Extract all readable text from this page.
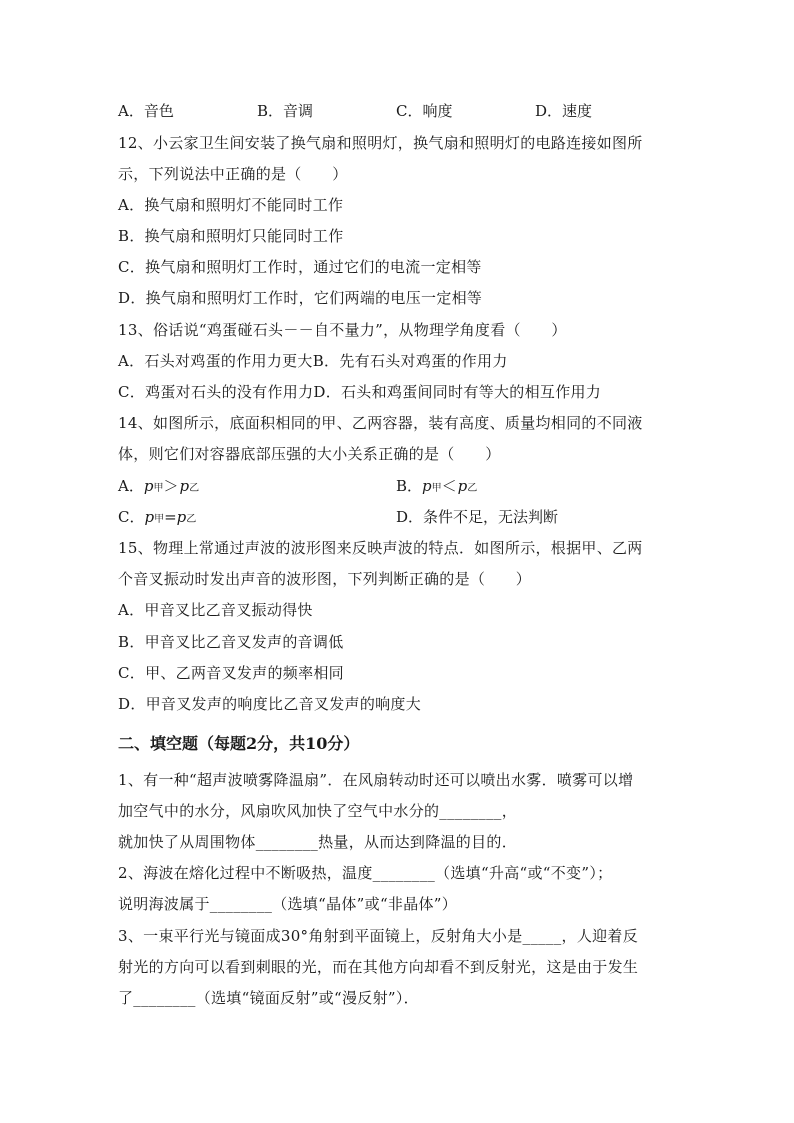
A．音色	B．音调	C．响度	D．速度
12、小云家卫生间安装了换气扇和照明灯，换气扇和照明灯的电路连接如图所
示，下列说法中正确的是（　　）
A．换气扇和照明灯不能同时工作
B．换气扇和照明灯只能同时工作
C．换气扇和照明灯工作时，通过它们的电流一定相等
D．换气扇和照明灯工作时，它们两端的电压一定相等
13、俗话说“鸡蛋碰石头－－自不量力”，从物理学角度看（　　）
A．石头对鸡蛋的作用力更大B．先有石头对鸡蛋的作用力
C．鸡蛋对石头的没有作用力D．石头和鸡蛋间同时有等大的相互作用力
14、如图所示，底面积相同的甲、乙两容器，装有高度、质量均相同的不同液
体，则它们对容器底部压强的大小关系正确的是（　　）
A．p甲＞p乙	B．p甲＜p乙
C．p甲=p乙	D．条件不足，无法判断
15、物理上常通过声波的波形图来反映声波的特点．如图所示，根据甲、乙两
个音叉振动时发出声音的波形图，下列判断正确的是（　　）
A．甲音叉比乙音叉振动得快
B．甲音叉比乙音叉发声的音调低
C．甲、乙两音叉发声的频率相同
D．甲音叉发声的响度比乙音叉发声的响度大
二、填空题（每题2分，共10分）
1、有一种“超声波喷雾降温扇”．在风扇转动时还可以喷出水雾．喷雾可以增
加空气中的水分，风扇吹风加快了空气中水分的________，
就加快了从周围物体________热量，从而达到降温的目的．
2、海波在熔化过程中不断吸热，温度________（选填“升高“或“不变”）；
说明海波属于________（选填“晶体”或“非晶体”）
3、一束平行光与镜面成30°角射到平面镜上，反射角大小是_____，人迎着反
射光的方向可以看到刺眼的光，而在其他方向却看不到反射光，这是由于发生
了________（选填“镜面反射”或“漫反射”）．
